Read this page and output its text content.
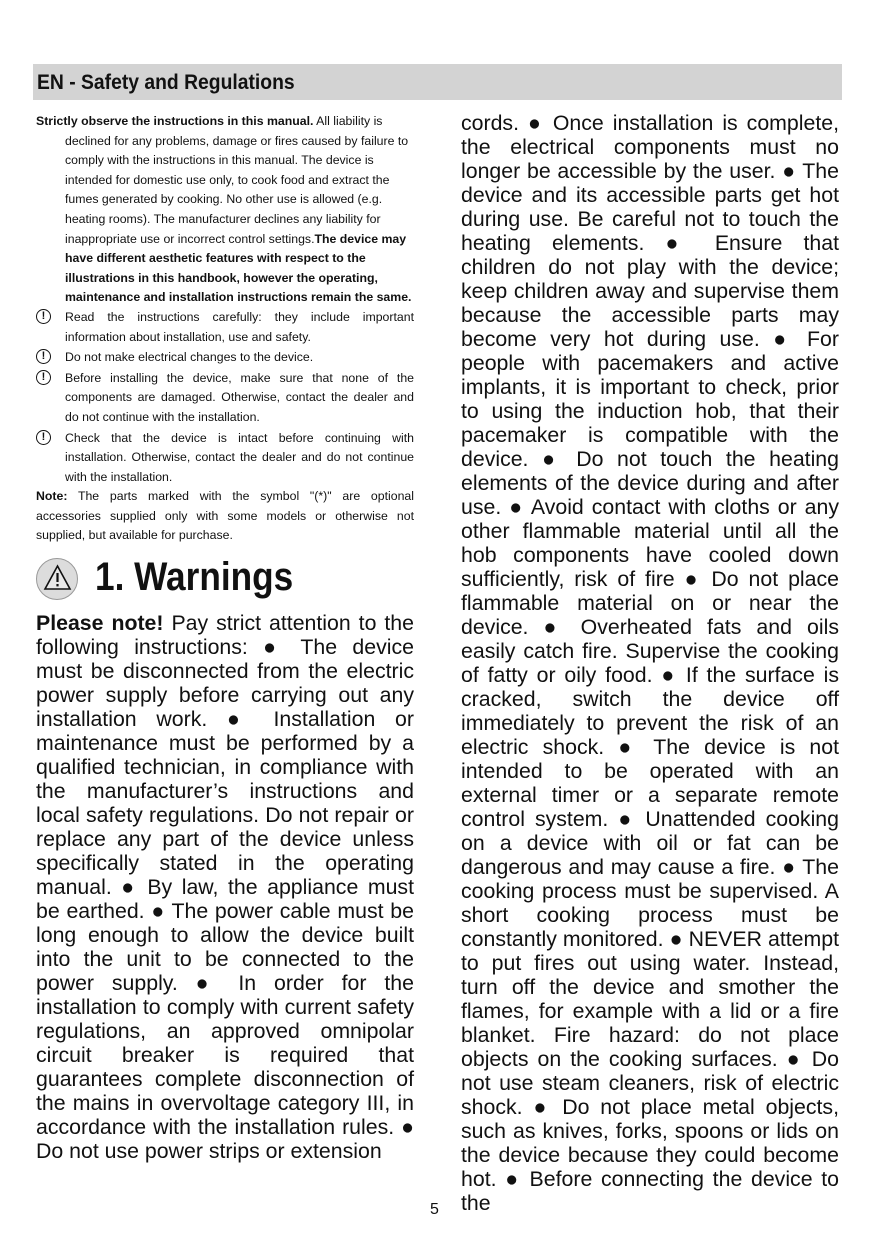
EN - Safety and Regulations
Strictly observe the instructions in this manual. All liability is declined for any problems, damage or fires caused by failure to comply with the instructions in this manual. The device is intended for domestic use only, to cook food and extract the fumes generated by cooking. No other use is allowed (e.g. heating rooms). The manufacturer declines any liability for inappropriate use or incorrect control settings.The device may have different aesthetic features with respect to the illustrations in this handbook, however the operating, maintenance and installation instructions remain the same.
!	Read the instructions carefully: they include important information about installation, use and safety.

!	Do not make electrical changes to the device.

!	Before installing the device, make sure that none of the components are damaged. Otherwise, contact the dealer and do not continue with the installation.

!	Check that the device is intact before continuing with installation. Otherwise, contact the dealer and do not continue with the installation.

Note: The parts marked with the symbol "(*)" are optional accessories supplied only with some models or otherwise not supplied, but available for purchase.
1. Warnings

Please note! Pay strict attention to the following instructions: ● The device must be disconnected from the electric power supply before carrying out any installation work. ● Installation or maintenance must be performed by a qualified technician, in compliance with the manufacturer’s instructions and local safety regulations. Do not repair or replace any part of the device unless specifically stated in the operating manual. ● By law, the appliance must be earthed. ● The power cable must be long enough to allow the device built into the unit to be connected to the power supply. ● In order for the installation to comply with current safety regulations, an approved omnipolar circuit breaker is required that guarantees complete disconnection of the mains in overvoltage category III, in accordance with the installation rules. ● Do not use power strips or extension

cords. ● Once installation is complete, the electrical components must no longer be accessible by the user. ● The device and its accessible parts get hot during use. Be careful not to touch the heating elements. ● Ensure that children do not play with the device; keep children away and supervise them because the accessible parts may become very hot during use. ● For people with pacemakers and active implants, it is important to check, prior to using the induction hob, that their pacemaker is compatible with the device. ● Do not touch the heating elements of the device during and after use. ● Avoid contact with cloths or any other flammable material until all the hob components have cooled down sufficiently, risk of fire ● Do not place flammable material on or near the device. ● Overheated fats and oils easily catch fire. Supervise the cooking of fatty or oily food. ● If the surface is cracked, switch the device off immediately to prevent the risk of an electric shock. ● The device is not intended to be operated with an external timer or a separate remote control system. ● Unattended cooking on a device with oil or fat can be dangerous and may cause a fire. ● The cooking process must be supervised. A short cooking process must be constantly monitored. ● NEVER attempt to put fires out using water. Instead, turn off the device and smother the flames, for example with a lid or a fire blanket. Fire hazard: do not place objects on the cooking surfaces. ● Do not use steam cleaners, risk of electric shock. ● Do not place metal objects, such as knives, forks, spoons or lids on the device because they could become hot. ● Before connecting the device to the

5
